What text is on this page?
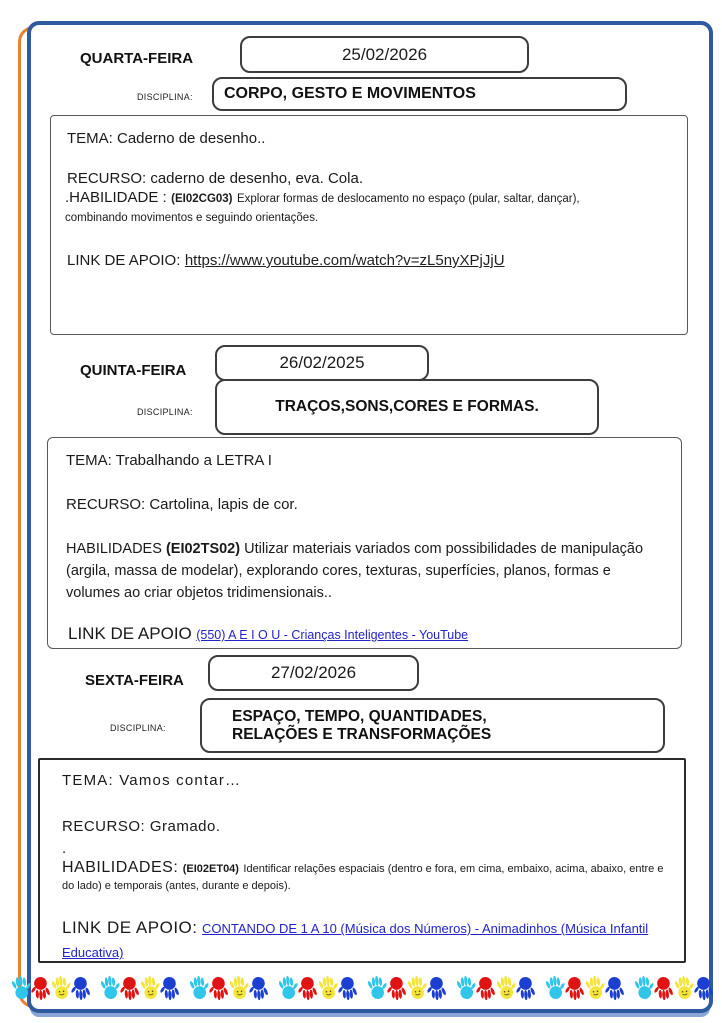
QUARTA-FEIRA	25/02/2026
DISCIPLINA: CORPO, GESTO E MOVIMENTOS

TEMA: Caderno de desenho..

RECURSO: caderno de desenho, eva. Cola.

.HABILIDADE : (EI02CG03) Explorar formas de deslocamento no espaço (pular, saltar, dançar), combinando movimentos e seguindo orientações.

LINK DE APOIO: https://www.youtube.com/watch?v=zL5nyXPjJjU

26/02/2025
QUINTA-FEIRA
DISCIPLINA:	TRAÇOS,SONS,CORES E FORMAS.

TEMA: Trabalhando a LETRA I

RECURSO: Cartolina, lapis de cor.

HABILIDADES (EI02TS02) Utilizar materiais variados com possibilidades de manipulação (argila, massa de modelar), explorando cores, texturas, superfícies, planos, formas e volumes ao criar objetos tridimensionais..

LINK DE APOIO (550) A E I O U - Crianças Inteligentes - YouTube

27/02/2026
SEXTA-FEIRA
DISCIPLINA:
ESPAÇO, TEMPO, QUANTIDADES,
RELAÇÕES E TRANSFORMAÇÕES

TEMA: Vamos contar…

RECURSO: Gramado.

.

HABILIDADES: (EI02ET04) Identificar relações espaciais (dentro e fora, em cima, embaixo, acima, abaixo, entre e do lado) e temporais (antes, durante e depois).

LINK DE APOIO: CONTANDO DE 1 A 10 (Música dos Números) - Animadinhos (Música Infantil Educativa)
